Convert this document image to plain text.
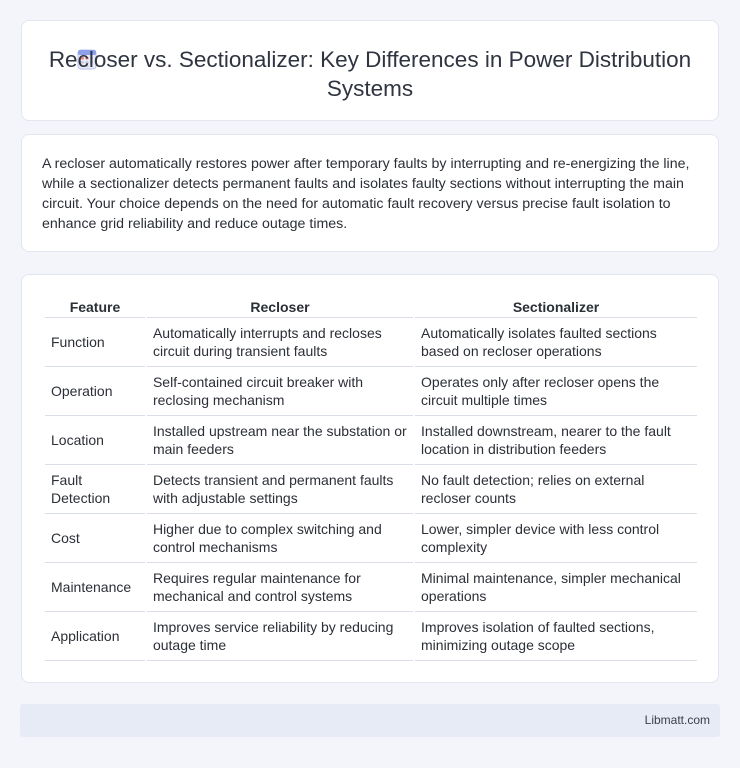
Recloser vs. Sectionalizer: Key Differences in Power Distribution Systems

A recloser automatically restores power after temporary faults by interrupting and re-energizing the line, while a sectionalizer detects permanent faults and isolates faulty sections without interrupting the main circuit. Your choice depends on the need for automatic fault recovery versus precise fault isolation to enhance grid reliability and reduce outage times.

Feature	Recloser	Sectionalizer
Function	Automatically interrupts and recloses circuit during transient faults	Automatically isolates faulted sections based on recloser operations
Operation	Self-contained circuit breaker with reclosing mechanism	Operates only after recloser opens the circuit multiple times
Location	Installed upstream near the substation or main feeders	Installed downstream, nearer to the fault location in distribution feeders
Fault Detection	Detects transient and permanent faults with adjustable settings	No fault detection; relies on external recloser counts
Cost	Higher due to complex switching and control mechanisms	Lower, simpler device with less control complexity
Maintenance	Requires regular maintenance for mechanical and control systems	Minimal maintenance, simpler mechanical operations
Application	Improves service reliability by reducing outage time	Improves isolation of faulted sections, minimizing outage scope
Libmatt.com
